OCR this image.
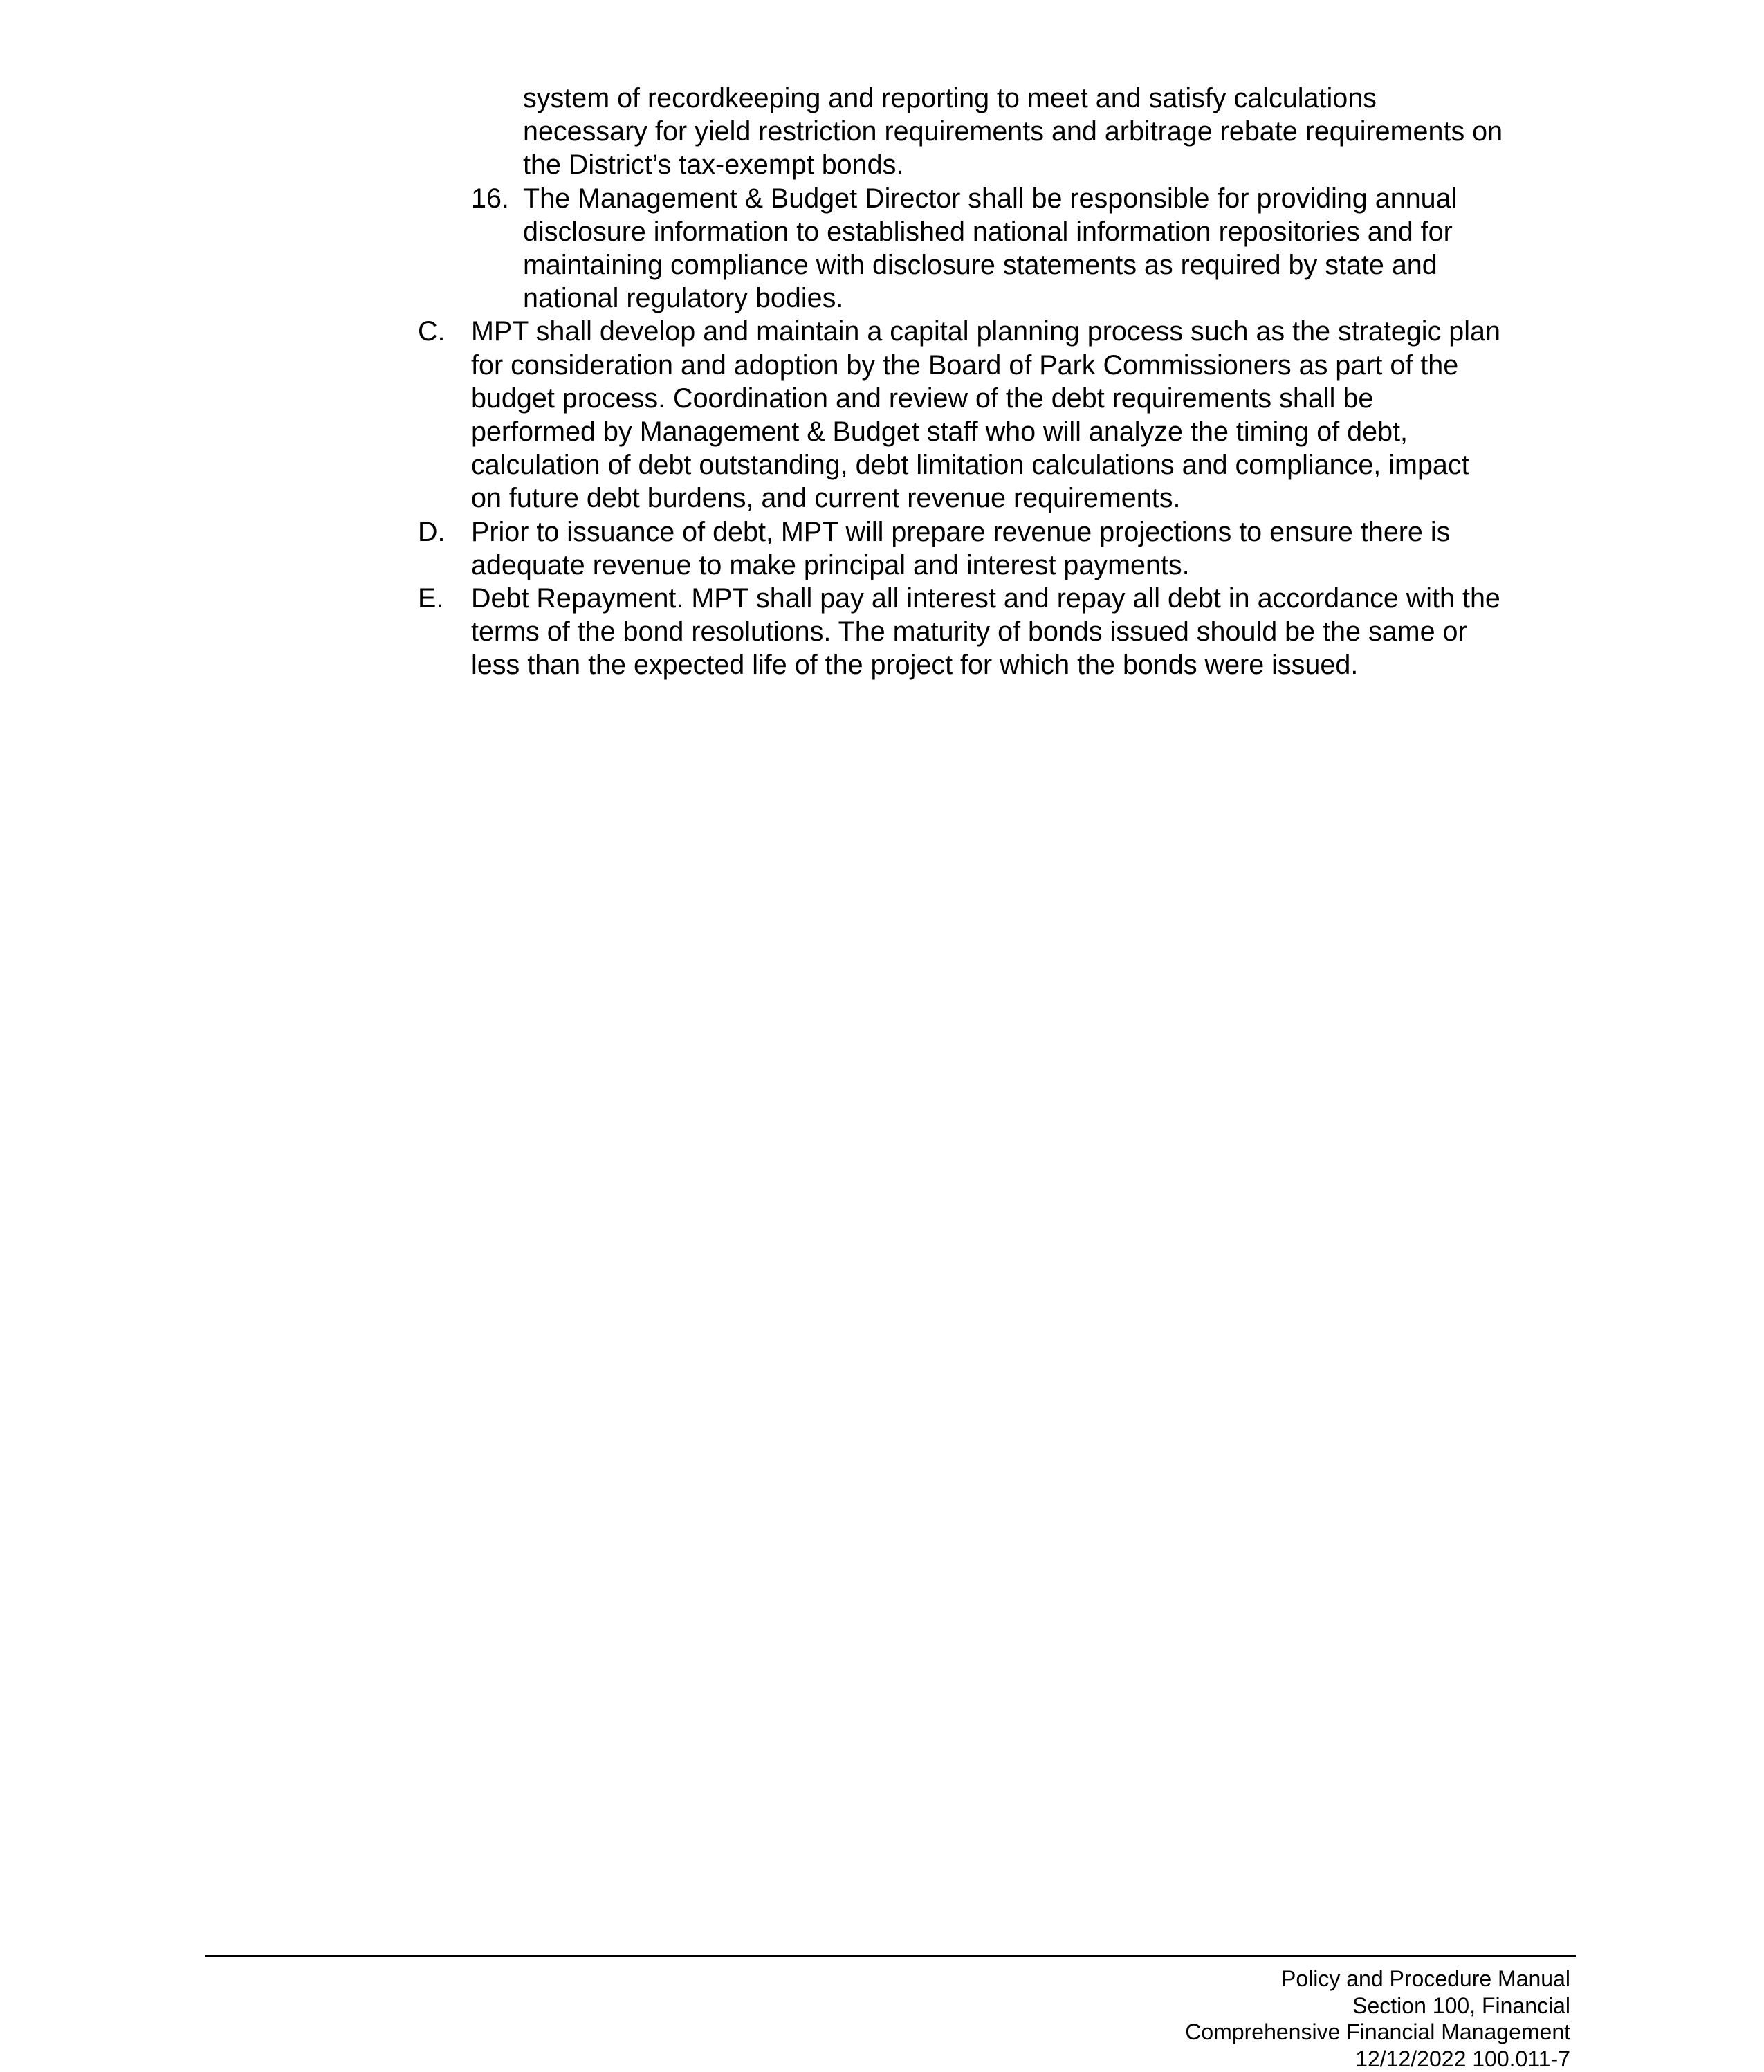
system of recordkeeping and reporting to meet and satisfy calculations
necessary for yield restriction requirements and arbitrage rebate requirements on
the District’s tax-exempt bonds.
16. The Management & Budget Director shall be responsible for providing annual
disclosure information to established national information repositories and for
maintaining compliance with disclosure statements as required by state and
national regulatory bodies.
C. MPT shall develop and maintain a capital planning process such as the strategic plan
for consideration and adoption by the Board of Park Commissioners as part of the
budget process. Coordination and review of the debt requirements shall be
performed by Management & Budget staff who will analyze the timing of debt,
calculation of debt outstanding, debt limitation calculations and compliance, impact
on future debt burdens, and current revenue requirements.
D. Prior to issuance of debt, MPT will prepare revenue projections to ensure there is
adequate revenue to make principal and interest payments.
E. Debt Repayment. MPT shall pay all interest and repay all debt in accordance with the
terms of the bond resolutions. The maturity of bonds issued should be the same or
less than the expected life of the project for which the bonds were issued.
Policy and Procedure Manual
Section 100, Financial
Comprehensive Financial Management
12/12/2022 100.011-7
